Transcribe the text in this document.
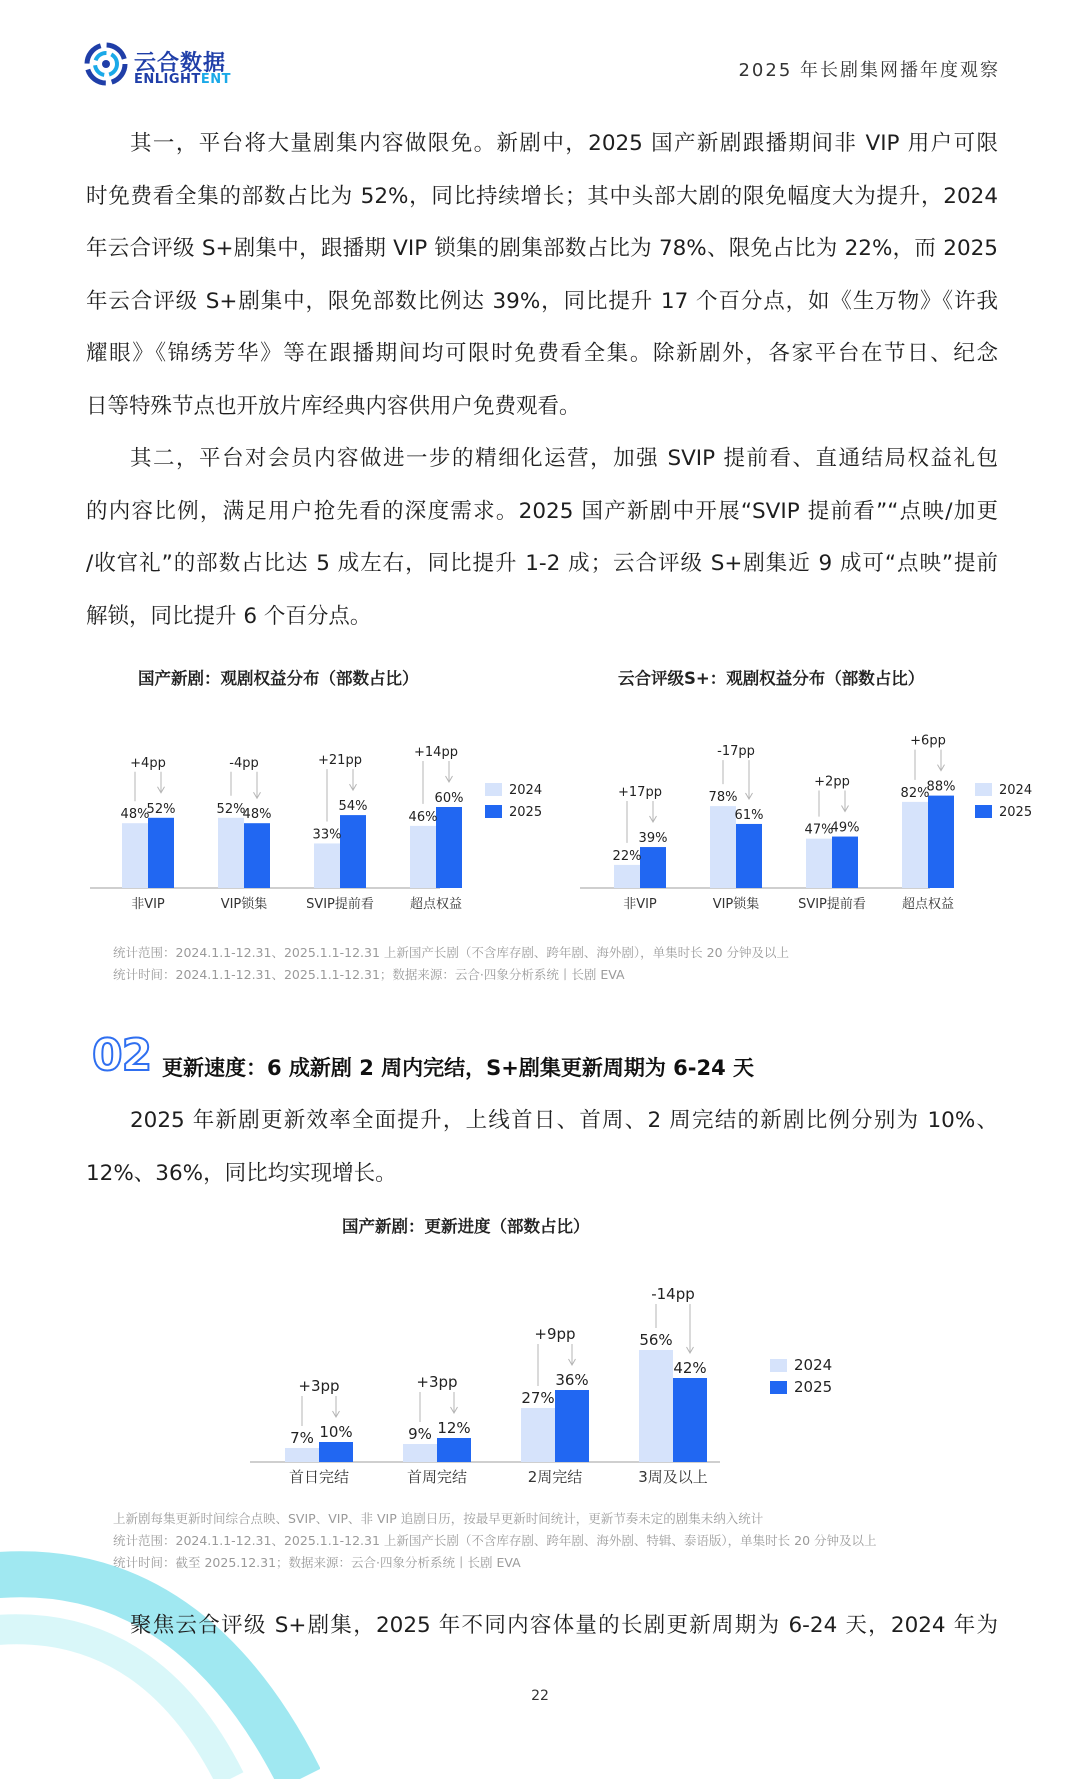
云合数据
ENLIGHTENT	2025 年长剧集网播年度观察
其一，平台将大量剧集内容做限免。新剧中，2025 国产新剧跟播期间非 VIP 用户可限
时免费看全集的部数占比为 52%，同比持续增长；其中头部大剧的限免幅度大为提升，2024
年云合评级 S+剧集中，跟播期 VIP 锁集的剧集部数占比为 78%、限免占比为 22%，而 2025
年云合评级 S+剧集中，限免部数比例达 39%，同比提升 17 个百分点，如《生万物》《许我
耀眼》《锦绣芳华》等在跟播期间均可限时免费看全集。除新剧外，各家平台在节日、纪念
日等特殊节点也开放片库经典内容供用户免费观看。
其二，平台对会员内容做进一步的精细化运营，加强 SVIP 提前看、直通结局权益礼包
的内容比例，满足用户抢先看的深度需求。2025 国产新剧中开展“SVIP 提前看”“点映/加更
/收官礼”的部数占比达 5 成左右，同比提升 1-2 成；云合评级 S+剧集近 9 成可“点映”提前
解锁，同比提升 6 个百分点。
国产新剧：观剧权益分布（部数占比）
48%
52%
+4pp
非VIP
52%
48%
-4pp
VIP锁集
33%
54%
+21pp
SVIP提前看
46%
60%
+14pp
超点权益
2024
2025
云合评级S+：观剧权益分布（部数占比）
22%
39%
+17pp
非VIP
78%
61%
-17pp
VIP锁集
47%
49%
+2pp
SVIP提前看
82%
88%
+6pp
超点权益
2024
2025
统计范围：2024.1.1-12.31、2025.1.1-12.31 上新国产长剧（不含库存剧、跨年剧、海外剧），单集时长 20 分钟及以上
统计时间：2024.1.1-12.31、2025.1.1-12.31；数据来源：云合·四象分析系统丨长剧 EVA
02 更新速度：6 成新剧 2 周内完结，S+剧集更新周期为 6-24 天
2025 年新剧更新效率全面提升，上线首日、首周、2 周完结的新剧比例分别为 10%、
12%、36%，同比均实现增长。
国产新剧：更新进度（部数占比）
7% 10%
+3pp
首日完结
9% 12%
+3pp
首周完结
27%
36%
+9pp
2周完结
56%
42%
-14pp
3周及以上
2024
2025
上新剧每集更新时间综合点映、SVIP、VIP、非 VIP 追剧日历，按最早更新时间统计，更新节奏未定的剧集未纳入统计
统计范围：2024.1.1-12.31、2025.1.1-12.31 上新国产长剧（不含库存剧、跨年剧、海外剧、特辑、泰语版），单集时长 20 分钟及以上
统计时间：截至 2025.12.31；数据来源：云合·四象分析系统丨长剧 EVA
聚焦云合评级 S+剧集，2025 年不同内容体量的长剧更新周期为 6-24 天，2024 年为
22
